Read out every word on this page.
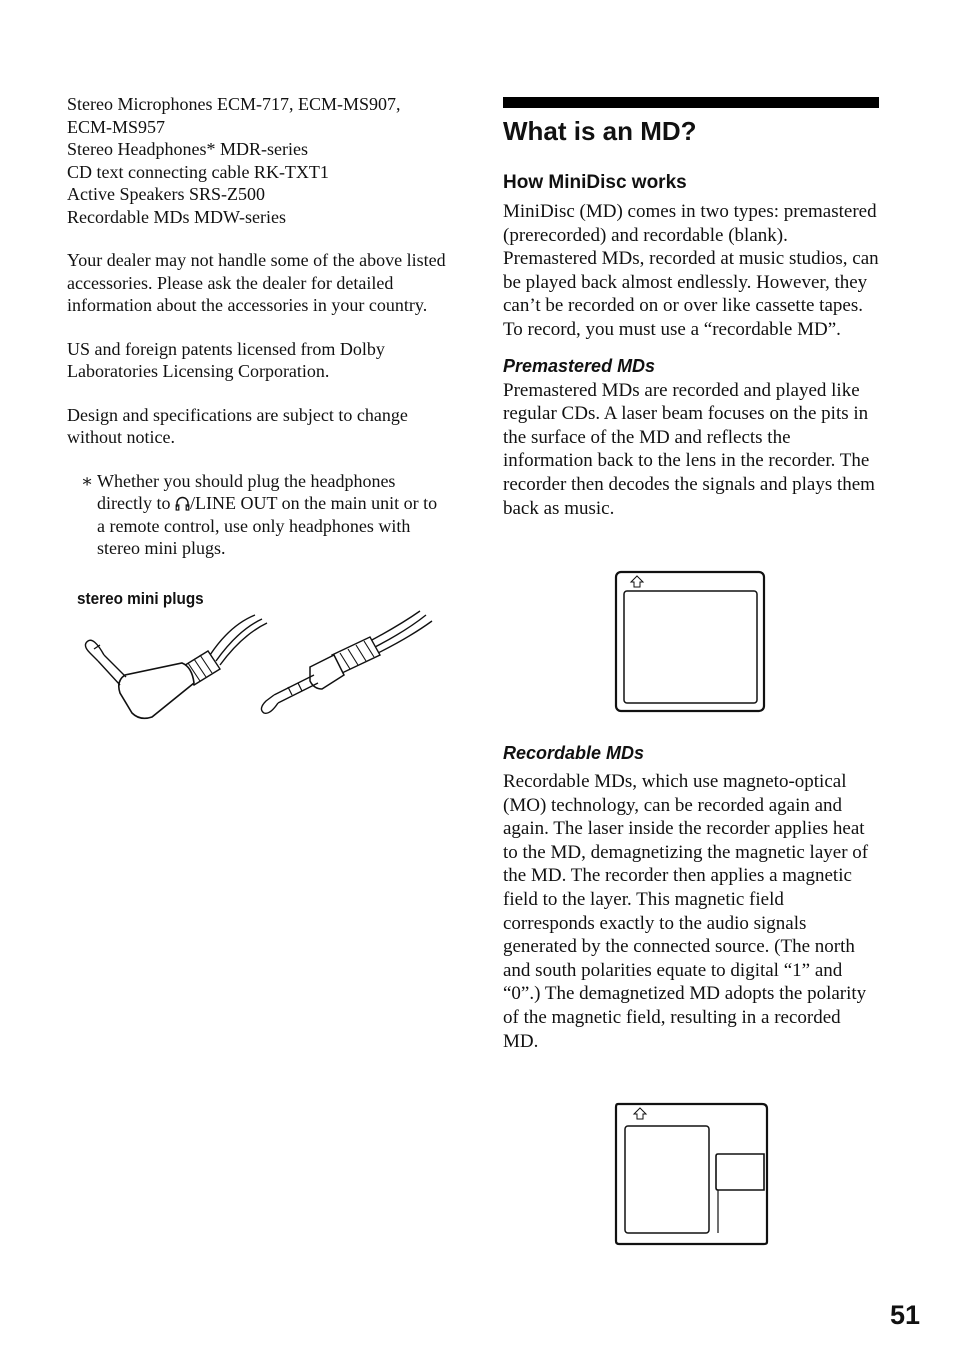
Stereo Microphones ECM-717, ECM-MS907,
ECM-MS957
Stereo Headphones* MDR-series
CD text connecting cable RK-TXT1
Active Speakers SRS-Z500
Recordable MDs MDW-series

Your dealer may not handle some of the above listed accessories. Please ask the dealer for detailed information about the accessories in your country.

US and foreign patents licensed from Dolby Laboratories Licensing Corporation.

Design and specifications are subject to change without notice.

∗ Whether you should plug the headphones directly to /LINE OUT on the main unit or to a remote control, use only headphones with stereo mini plugs.

stereo mini plugs
What is an MD?
How MiniDisc works

MiniDisc (MD) comes in two types: premastered (prerecorded) and recordable (blank). Premastered MDs, recorded at music studios, can be played back almost endlessly. However, they can’t be recorded on or over like cassette tapes. To record, you must use a “recordable MD”.

Premastered MDs

Premastered MDs are recorded and played like regular CDs. A laser beam focuses on the pits in the surface of the MD and reflects the information back to the lens in the recorder. The recorder then decodes the signals and plays them back as music.

Recordable MDs

Recordable MDs, which use magneto-optical (MO) technology, can be recorded again and again. The laser inside the recorder applies heat to the MD, demagnetizing the magnetic layer of the MD. The recorder then applies a magnetic field to the layer. This magnetic field corresponds exactly to the audio signals generated by the connected source. (The north and south polarities equate to digital “1” and “0”.) The demagnetized MD adopts the polarity of the magnetic field, resulting in a recorded MD.

51
